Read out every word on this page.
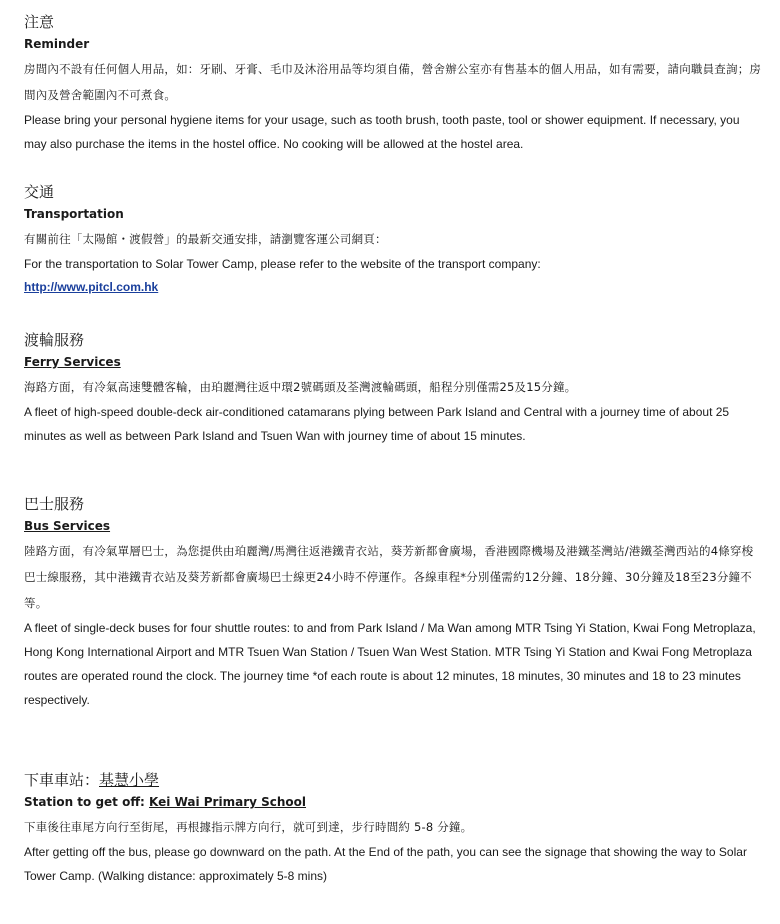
注意
Reminder

房間內不設有任何個人用品，如：牙刷、牙膏、毛巾及沐浴用品等均須自備，營舍辦公室亦有售基本的個人用品，如有需要，請向職員查詢；房間內及營舍範圍內不可煮食。

Please bring your personal hygiene items for your usage, such as tooth brush, tooth paste, tool or shower equipment. If necessary, you may also purchase the items in the hostel office. No cooking will be allowed at the hostel area.

交通
Transportation

有關前往「太陽館・渡假營」的最新交通安排，請瀏覽客運公司網頁：

For the transportation to Solar Tower Camp, please refer to the website of the transport company:

http://www.pitcl.com.hk
渡輪服務
Ferry Services

海路方面，有冷氣高速雙體客輪，由珀麗灣往返中環2號碼頭及荃灣渡輪碼頭，船程分別僅需25及15分鐘。

A fleet of high-speed double-deck air-conditioned catamarans plying between Park Island and Central with a journey time of about 25 minutes as well as between Park Island and Tsuen Wan with journey time of about 15 minutes.

巴士服務
Bus Services

陸路方面，有冷氣單層巴士，為您提供由珀麗灣/馬灣往返港鐵青衣站，葵芳新都會廣場，香港國際機場及港鐵荃灣站/港鐵荃灣西站的4條穿梭巴士線服務，其中港鐵青衣站及葵芳新都會廣場巴士線更24小時不停運作。各線車程*分別僅需約12分鐘、18分鐘、30分鐘及18至23分鐘不等。

A fleet of single-deck buses for four shuttle routes: to and from Park Island / Ma Wan among MTR Tsing Yi Station, Kwai Fong Metroplaza, Hong Kong International Airport and MTR Tsuen Wan Station / Tsuen Wan West Station. MTR Tsing Yi Station and Kwai Fong Metroplaza routes are operated round the clock. The journey time *of each route is about 12 minutes, 18 minutes, 30 minutes and 18 to 23 minutes respectively.

下車車站：基慧小學
Station to get off: Kei Wai Primary School

下車後往車尾方向行至街尾，再根據指示牌方向行，就可到達，步行時間約 5-8 分鐘。

After getting off the bus, please go downward on the path. At the End of the path, you can see the signage that showing the way to Solar Tower Camp. (Walking distance: approximately 5-8 mins)
